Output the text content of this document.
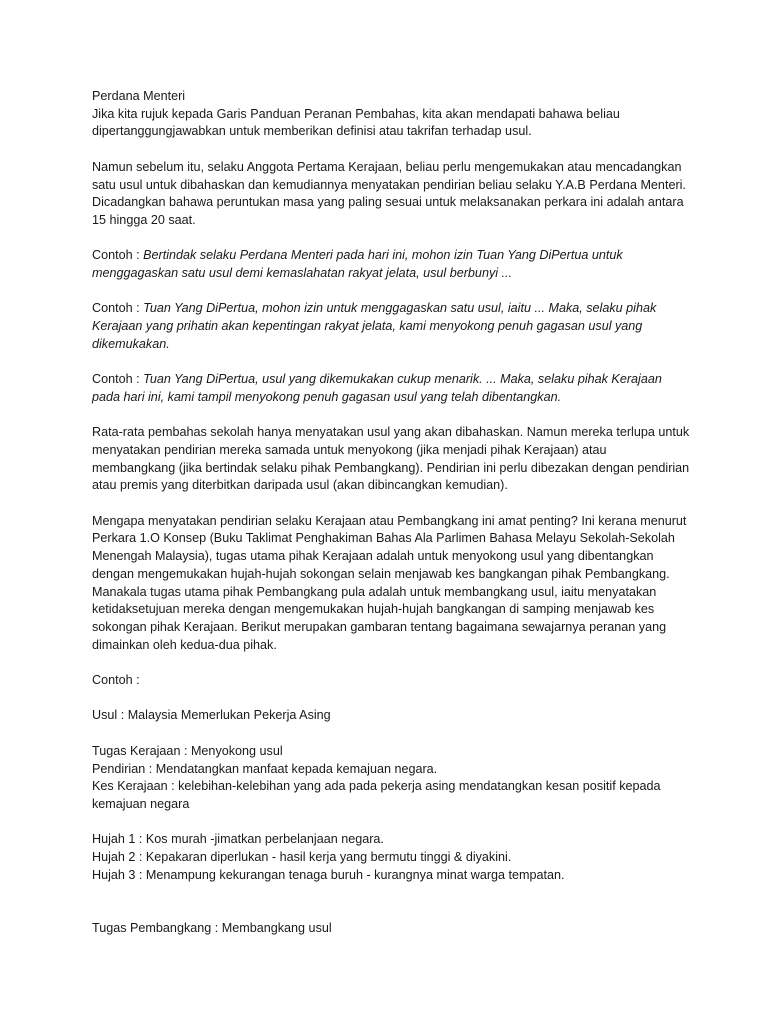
Perdana Menteri

Jika kita rujuk kepada Garis Panduan Peranan Pembahas, kita akan mendapati bahawa beliau dipertanggungjawabkan untuk memberikan definisi atau takrifan terhadap usul.

Namun sebelum itu, selaku Anggota Pertama Kerajaan, beliau perlu mengemukakan atau mencadangkan satu usul untuk dibahaskan dan kemudiannya menyatakan pendirian beliau selaku Y.A.B Perdana Menteri. Dicadangkan bahawa peruntukan masa yang paling sesuai untuk melaksanakan perkara ini adalah antara 15 hingga 20 saat.

Contoh : Bertindak selaku Perdana Menteri pada hari ini, mohon izin Tuan Yang DiPertua untuk menggagaskan satu usul demi kemaslahatan rakyat jelata, usul berbunyi ...

Contoh : Tuan Yang DiPertua, mohon izin untuk menggagaskan satu usul, iaitu ... Maka, selaku pihak Kerajaan yang prihatin akan kepentingan rakyat jelata, kami menyokong penuh gagasan usul yang dikemukakan.

Contoh : Tuan Yang DiPertua, usul yang dikemukakan cukup menarik. ... Maka, selaku pihak Kerajaan pada hari ini, kami tampil menyokong penuh gagasan usul yang telah dibentangkan.

Rata-rata pembahas sekolah hanya menyatakan usul yang akan dibahaskan. Namun mereka terlupa untuk menyatakan pendirian mereka samada untuk menyokong (jika menjadi pihak Kerajaan) atau membangkang (jika bertindak selaku pihak Pembangkang). Pendirian ini perlu dibezakan dengan pendirian atau premis yang diterbitkan daripada usul (akan dibincangkan kemudian).

Mengapa menyatakan pendirian selaku Kerajaan atau Pembangkang ini amat penting? Ini kerana menurut Perkara 1.O Konsep (Buku Taklimat Penghakiman Bahas Ala Parlimen Bahasa Melayu Sekolah-Sekolah Menengah Malaysia), tugas utama pihak Kerajaan adalah untuk menyokong usul yang dibentangkan dengan mengemukakan hujah-hujah sokongan selain menjawab kes bangkangan pihak Pembangkang. Manakala tugas utama pihak Pembangkang pula adalah untuk membangkang usul, iaitu menyatakan ketidaksetujuan mereka dengan mengemukakan hujah-hujah bangkangan di samping menjawab kes sokongan pihak Kerajaan. Berikut merupakan gambaran tentang bagaimana sewajarnya peranan yang dimainkan oleh kedua-dua pihak.

Contoh :

Usul : Malaysia Memerlukan Pekerja Asing

Tugas Kerajaan : Menyokong usul

Pendirian : Mendatangkan manfaat kepada kemajuan negara.

Kes Kerajaan : kelebihan-kelebihan yang ada pada pekerja asing mendatangkan kesan positif kepada kemajuan negara

Hujah 1 : Kos murah -jimatkan perbelanjaan negara.

Hujah 2 : Kepakaran diperlukan - hasil kerja yang bermutu tinggi & diyakini.

Hujah 3 : Menampung kekurangan tenaga buruh - kurangnya minat warga tempatan.

Tugas Pembangkang : Membangkang usul
